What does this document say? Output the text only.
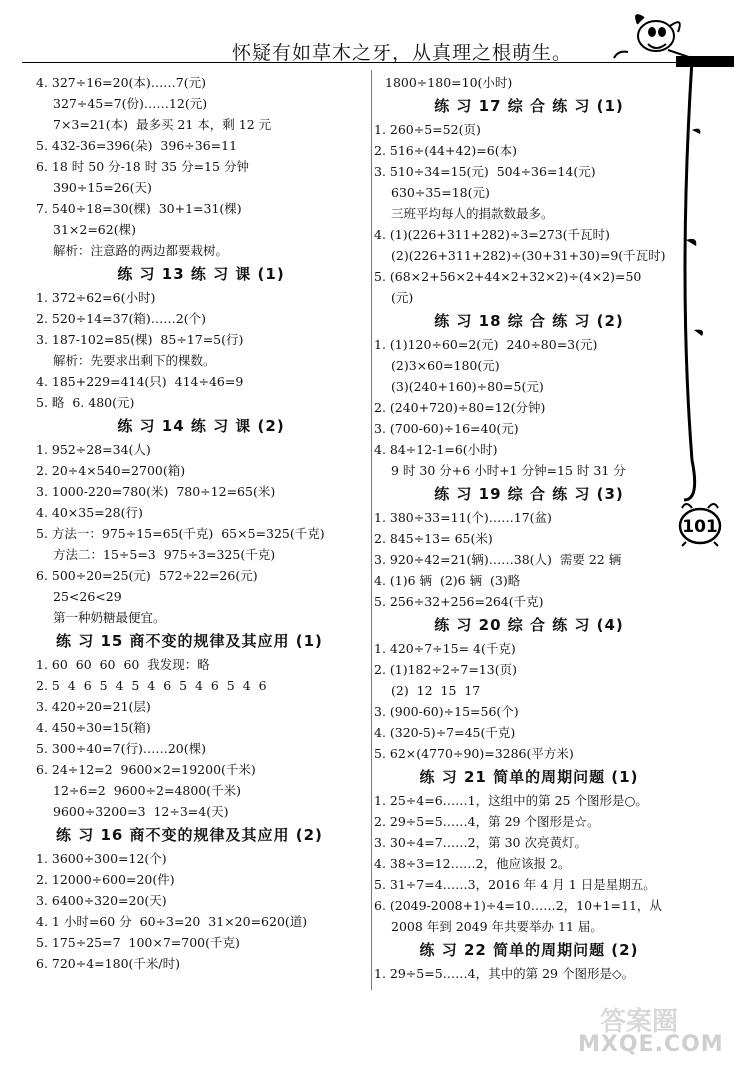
怀疑有如草木之牙，从真理之根萌生。
101
4. 327÷16=20(本)……7(元)
327÷45=7(份)……12(元)
7×3=21(本)  最多买 21 本，剩 12 元
5. 432-36=396(朵)  396÷36=11
6. 18 时 50 分-18 时 35 分=15 分钟
390÷15=26(天)
7. 540÷18=30(棵)  30+1=31(棵)
31×2=62(棵)
解析：注意路的两边都要栽树。
练 习 13 练 习 课 (1)
1. 372÷62=6(小时)
2. 520÷14=37(箱)……2(个)
3. 187-102=85(棵)  85÷17=5(行)
解析：先要求出剩下的棵数。
4. 185+229=414(只)  414÷46=9
5. 略  6. 480(元)
练 习 14 练 习 课 (2)
1. 952÷28=34(人)
2. 20÷4×540=2700(箱)
3. 1000-220=780(米)  780÷12=65(米)
4. 40×35=28(行)
5. 方法一：975÷15=65(千克)  65×5=325(千克)
方法二：15÷5=3  975÷3=325(千克)
6. 500÷20=25(元)  572÷22=26(元)
25<26<29
第一种奶糖最便宜。
练 习 15 商不变的规律及其应用 (1)
1. 60  60  60  60  我发现：略
2. 5  4  6  5  4  5  4  6  5  4  6  5  4  6
3. 420÷20=21(层)
4. 450÷30=15(箱)
5. 300÷40=7(行)……20(棵)
6. 24÷12=2  9600×2=19200(千米)
12÷6=2  9600÷2=4800(千米)
9600÷3200=3  12÷3=4(天)
练 习 16 商不变的规律及其应用 (2)
1. 3600÷300=12(个)
2. 12000÷600=20(件)
3. 6400÷320=20(天)
4. 1 小时=60 分  60÷3=20  31×20=620(道)
5. 175÷25=7  100×7=700(千克)
6. 720÷4=180(千米/时)
1800÷180=10(小时)
练 习 17 综 合 练 习 (1)
1. 260÷5=52(页)
2. 516÷(44+42)=6(本)
3. 510÷34=15(元)  504÷36=14(元)
630÷35=18(元)
三班平均每人的捐款数最多。
4. (1)(226+311+282)÷3=273(千瓦时)
(2)(226+311+282)÷(30+31+30)=9(千瓦时)
5. (68×2+56×2+44×2+32×2)÷(4×2)=50
(元)
练 习 18 综 合 练 习 (2)
1. (1)120÷60=2(元)  240÷80=3(元)
(2)3×60=180(元)
(3)(240+160)÷80=5(元)
2. (240+720)÷80=12(分钟)
3. (700-60)÷16=40(元)
4. 84÷12-1=6(小时)
9 时 30 分+6 小时+1 分钟=15 时 31 分
练 习 19 综 合 练 习 (3)
1. 380÷33=11(个)……17(盆)
2. 845÷13= 65(米)
3. 920÷42=21(辆)……38(人)  需要 22 辆
4. (1)6 辆  (2)6 辆  (3)略
5. 256÷32+256=264(千克)
练 习 20 综 合 练 习 (4)
1. 420÷7÷15= 4(千克)
2. (1)182÷2÷7=13(页)
(2)  12  15  17
3. (900-60)÷15=56(个)
4. (320-5)÷7=45(千克)
5. 62×(4770÷90)=3286(平方米)
练 习 21 简单的周期问题 (1)
1. 25÷4=6……1，这组中的第 25 个图形是○。
2. 29÷5=5……4，第 29 个图形是☆。
3. 30÷4=7……2，第 30 次亮黄灯。
4. 38÷3=12……2，他应该报 2。
5. 31÷7=4……3，2016 年 4 月 1 日是星期五。
6. (2049-2008+1)÷4=10……2，10+1=11，从
2008 年到 2049 年共要举办 11 届。
练 习 22 简单的周期问题 (2)
1. 29÷5=5……4，其中的第 29 个图形是◇。
答案圈
MXQE.COM
